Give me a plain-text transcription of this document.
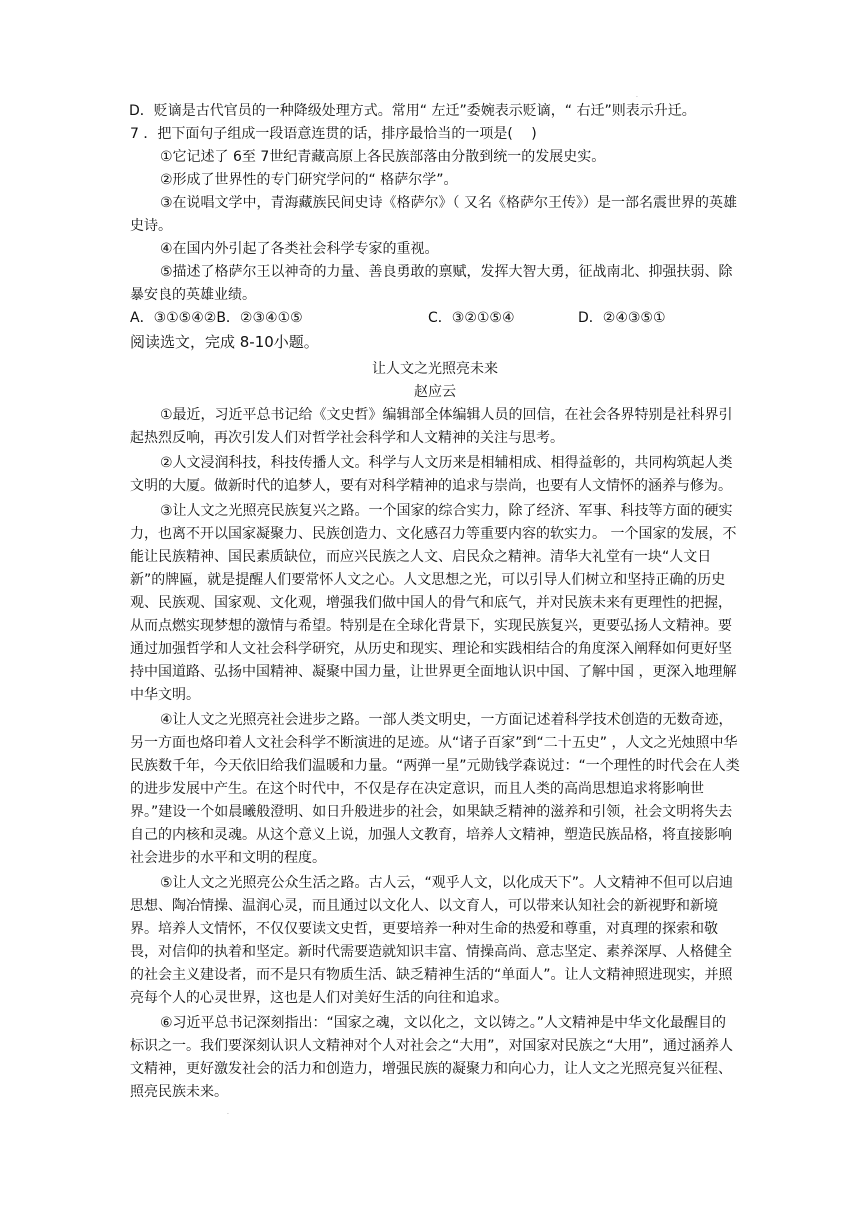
D．贬谪是古代官员的一种降级处理方式。常用“ 左迁”委婉表示贬谪，“ 右迁”则表示升迁。

7 ．把下面句子组成一段语意连贯的话，排序最恰当的一项是(　 )

①它记述了 6至 7世纪青藏高原上各民族部落由分散到统一的发展史实。

②形成了世界性的专门研究学问的“ 格萨尔学”。

③在说唱文学中，青海藏族民间史诗《格萨尔》（ 又名《格萨尔王传》）是一部名震世界的英雄史诗。

④在国内外引起了各类社会科学专家的重视。

⑤描述了格萨尔王以神奇的力量、善良勇敢的禀赋，发挥大智大勇，征战南北、抑强扶弱、除暴安良的英雄业绩。

A．③①⑤④②B．②③④①⑤	C．③②①⑤④	D．②④③⑤①

阅读选文，完成 8-10小题。

让人文之光照亮未来

赵应云

①最近，习近平总书记给《文史哲》编辑部全体编辑人员的回信，在社会各界特别是社科界引起热烈反响，再次引发人们对哲学社会科学和人文精神的关注与思考。

②人文浸润科技，科技传播人文。科学与人文历来是相辅相成、相得益彰的，共同构筑起人类文明的大厦。做新时代的追梦人，要有对科学精神的追求与崇尚，也要有人文情怀的涵养与修为。

③让人文之光照亮民族复兴之路。一个国家的综合实力，除了经济、军事、科技等方面的硬实力，也离不开以国家凝聚力、民族创造力、文化感召力等重要内容的软实力。 一个国家的发展，不能让民族精神、国民素质缺位，而应兴民族之人文、启民众之精神。清华大礼堂有一块“人文日新”的牌匾，就是提醒人们要常怀人文之心。人文思想之光，可以引导人们树立和坚持正确的历史观、民族观、国家观、文化观，增强我们做中国人的骨气和底气，并对民族未来有更理性的把握，从而点燃实现梦想的激情与希望。特别是在全球化背景下，实现民族复兴，更要弘扬人文精神。要通过加强哲学和人文社会科学研究，从历史和现实、理论和实践相结合的角度深入阐释如何更好坚持中国道路、弘扬中国精神、凝聚中国力量，让世界更全面地认识中国、了解中国 ，更深入地理解中华文明。

④让人文之光照亮社会进步之路。一部人类文明史，一方面记述着科学技术创造的无数奇迹，另一方面也烙印着人文社会科学不断演进的足迹。从“诸子百家”到“二十五史” ，人文之光烛照中华民族数千年，今天依旧给我们温暖和力量。“两弹一星”元勋钱学森说过：“一个理性的时代会在人类的进步发展中产生。在这个时代中，不仅是存在决定意识，而且人类的高尚思想追求将影响世界。”建设一个如晨曦般澄明、如日升般进步的社会，如果缺乏精神的滋养和引领，社会文明将失去自己的内核和灵魂。从这个意义上说，加强人文教育，培养人文精神，塑造民族品格，将直接影响社会进步的水平和文明的程度。

⑤让人文之光照亮公众生活之路。古人云，“观乎人文，以化成天下”。人文精神不但可以启迪思想、陶冶情操、温润心灵，而且通过以文化人、以文育人，可以带来认知社会的新视野和新境界。培养人文情怀，不仅仅要读文史哲，更要培养一种对生命的热爱和尊重，对真理的探索和敬畏，对信仰的执着和坚定。新时代需要造就知识丰富、情操高尚、意志坚定、素养深厚、人格健全的社会主义建设者，而不是只有物质生活、缺乏精神生活的“单面人”。让人文精神照进现实，并照亮每个人的心灵世界，这也是人们对美好生活的向往和追求。

⑥习近平总书记深刻指出：“国家之魂，文以化之，文以铸之。”人文精神是中华文化最醒目的标识之一。我们要深刻认识人文精神对个人对社会之“大用”，对国家对民族之“大用”，通过涵养人文精神，更好激发社会的活力和创造力，增强民族的凝聚力和向心力，让人文之光照亮复兴征程、照亮民族未来。

.
.
